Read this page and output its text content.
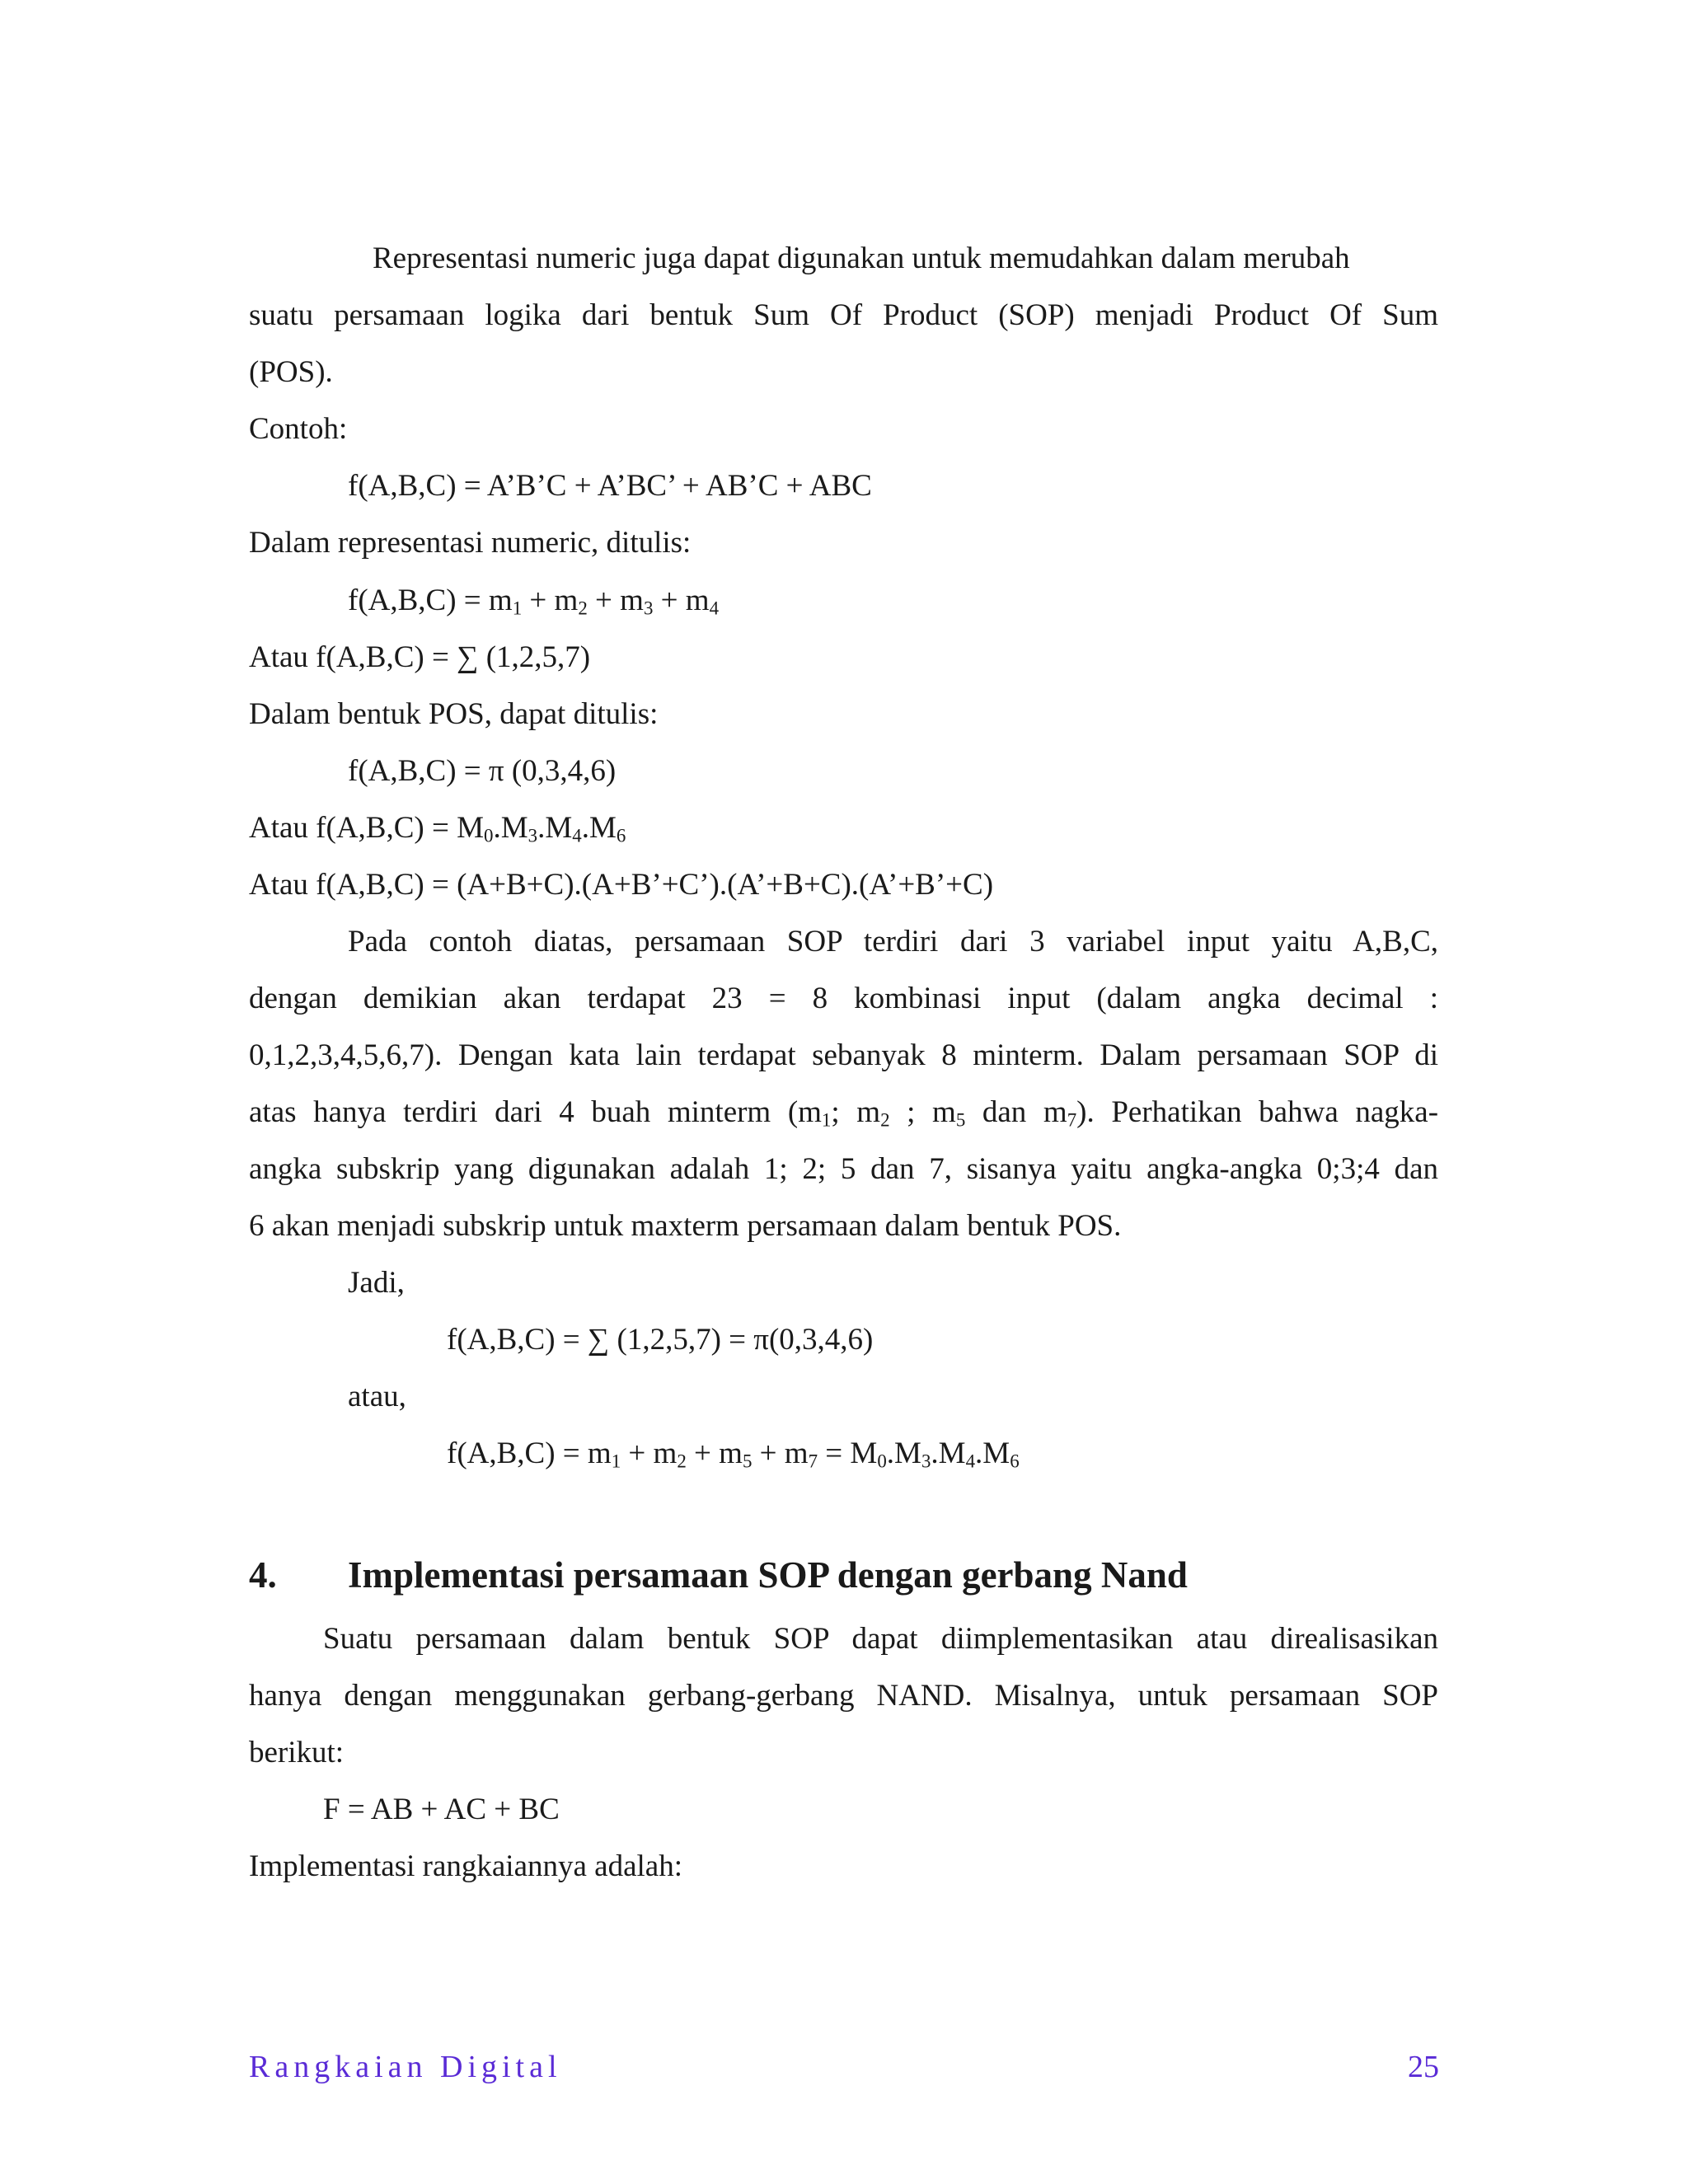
Representasi numeric juga dapat digunakan untuk memudahkan dalam merubah
suatu persamaan logika dari bentuk Sum Of Product (SOP) menjadi Product Of Sum
(POS).
Contoh:
f(A,B,C) = A’B’C + A’BC’ + AB’C + ABC
Dalam representasi numeric, ditulis:
$f(A,B,C) = m_1 + m_2 + m_3 + m_4$
Atau f(A,B,C) = ∑ (1,2,5,7)
Dalam bentuk POS, dapat ditulis:
f(A,B,C) = π (0,3,4,6)
Atau $f(A,B,C) = M_0.M_3.M_4.M_6$
Atau f(A,B,C) = (A+B+C).(A+B’+C’).(A’+B+C).(A’+B’+C)
Pada contoh diatas, persamaan SOP terdiri dari 3 variabel input yaitu A,B,C,
dengan demikian akan terdapat 23 = 8 kombinasi input (dalam angka decimal :
0,1,2,3,4,5,6,7). Dengan kata lain terdapat sebanyak 8 minterm. Dalam persamaan SOP di
atas hanya terdiri dari 4 buah minterm ($m_1$; $m_2$ ; $m_5$ dan $m_7$). Perhatikan bahwa nagka-
angka subskrip yang digunakan adalah 1; 2; 5 dan 7, sisanya yaitu angka-angka 0;3;4 dan
6 akan menjadi subskrip untuk maxterm persamaan dalam bentuk POS.
Jadi,
f(A,B,C) = ∑ (1,2,5,7) = π(0,3,4,6)
atau,
$f(A,B,C) = m_1 + m_2 + m_5 + m_7 = M_0.M_3.M_4.M_6$
4. Implementasi persamaan SOP dengan gerbang Nand
Suatu persamaan dalam bentuk SOP dapat diimplementasikan atau direalisasikan
hanya dengan menggunakan gerbang-gerbang NAND. Misalnya, untuk persamaan SOP
berikut:
F = AB + AC + BC
Implementasi rangkaiannya adalah:
Rangkaian Digital	25
